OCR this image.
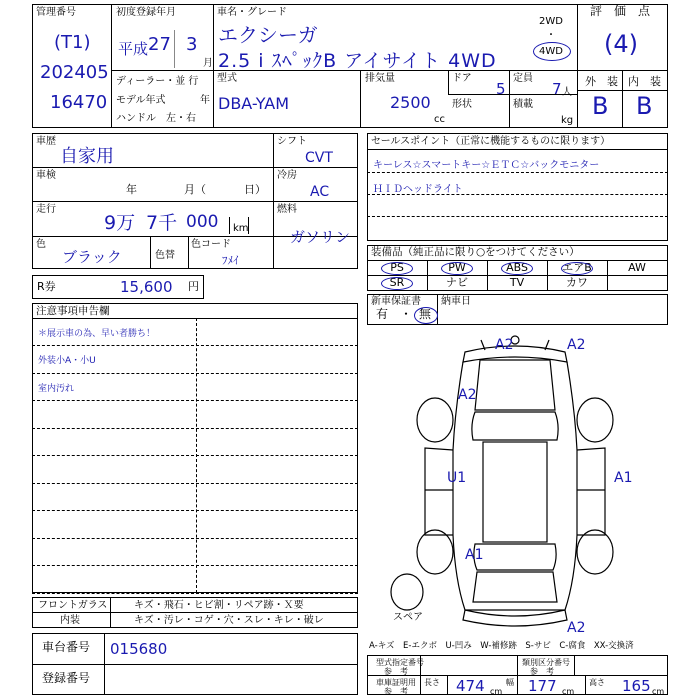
管理番号
(T1)
202405
16470
初度登録年月
平成 27 3
月
ディーラー・並 行
モデル年式	年
ハンドル　左・右
車名・グレード
エクシーガ
2.5 i ｽﾍﾟｯｸB アイサイト 4WD
2WD
・
4WD
型式
DBA-YAM
排気量
2500
cc
ドア
5
定員
7 人
形状	積載
kg
評　価　点
(4)
外　装 内　装
B B
車歴
自家用
車検
年	月（	日）
走行
9万 7千 000 km
色
ブラック	色替
色コード
ﾌﾒｲ
シフト
CVT
冷房
AC
燃料
ガソリン
R券	15,600 円
セールスポイント（正常に機能するものに限ります）
キーレス☆スマートキー☆ＥＴＣ☆バックモニター
ＨＩＤヘッドライト
装備品（純正品に限り○をつけてください）
PS	PW	ABS	エアB	AW
SR	ナビ	TV	カワ
新車保証書
有　・ 無
納車日
注意事項申告欄
＊展示車の為、早い者勝ち！
外装小A・小U
室内汚れ
A2	A2
A2
U1	A1
A1
A2
スペア
A-キズ　E-エクボ　U-凹み　W-補修跡　S-サビ　C-腐食　XX-交換済
フロントガラス	キズ・飛石・ヒビ割・リペア跡・Ｘ要
内装	キズ・汚レ・コゲ・穴・スレ・キレ・破レ
車台番号 015680
登録番号
型式指定番号
参　考
類別区分番号
参　考
車庫証明用
参　考
長さ 474 cm
幅 177 cm
高さ 165 cm
